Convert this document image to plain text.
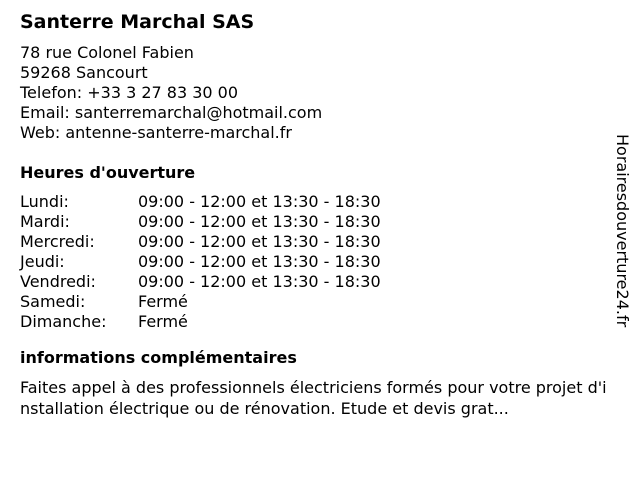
Santerre Marchal SAS
78 rue Colonel Fabien
59268 Sancourt
Telefon: +33 3 27 83 30 00
Email: santerremarchal@hotmail.com
Web: antenne-santerre-marchal.fr
Heures d'ouverture
Lundi:	09:00 - 12:00 et 13:30 - 18:30
Mardi:	09:00 - 12:00 et 13:30 - 18:30
Mercredi:	09:00 - 12:00 et 13:30 - 18:30
Jeudi:	09:00 - 12:00 et 13:30 - 18:30
Vendredi:	09:00 - 12:00 et 13:30 - 18:30
Samedi:	Fermé
Dimanche:	Fermé
informations complémentaires

Faites appel à des professionnels électriciens formés pour votre projet d'installation électrique ou de rénovation. Etude et devis grat...

Horairesdouverture24.fr
